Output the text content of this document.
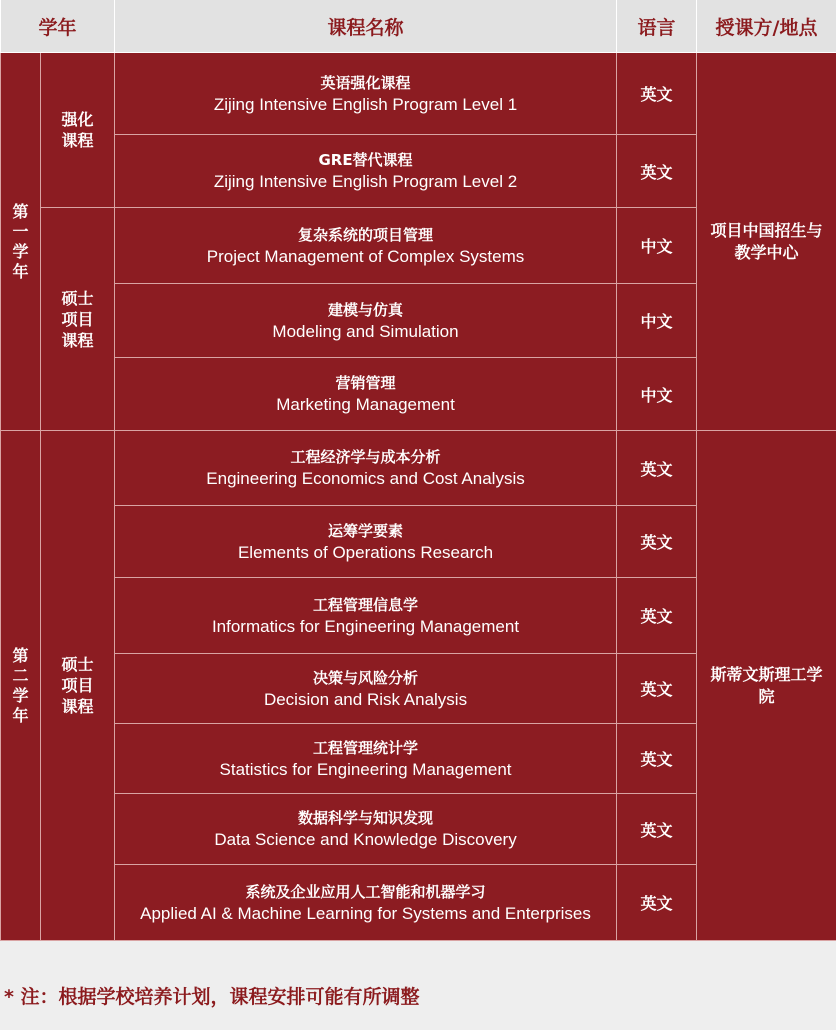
学年		课程名称	语言	授课方/地点
第一学年	强化课程	英语强化课程
Zijing Intensive English Program Level 1	英文	项目中国招生与教学中心

		GRE替代课程
Zijing Intensive English Program Level 2	英文	
	硕士项目课程	复杂系统的项目管理
Project Management of Complex Systems	中文	

		建模与仿真
Modeling and Simulation	中文	

		营销管理
Marketing Management	中文	
第二学年	硕士项目课程	工程经济学与成本分析
Engineering Economics and Cost Analysis	英文	斯蒂文斯理工学院

		运筹学要素
Elements of Operations Research	英文	

		工程管理信息学
Informatics for Engineering Management	英文	

		决策与风险分析
Decision and Risk Analysis	英文	

		工程管理统计学
Statistics for Engineering Management	英文	

		数据科学与知识发现
Data Science and Knowledge Discovery	英文	

		系统及企业应用人工智能和机器学习
Applied AI & Machine Learning for Systems and Enterprises	英文	
* 注：根据学校培养计划，课程安排可能有所调整
